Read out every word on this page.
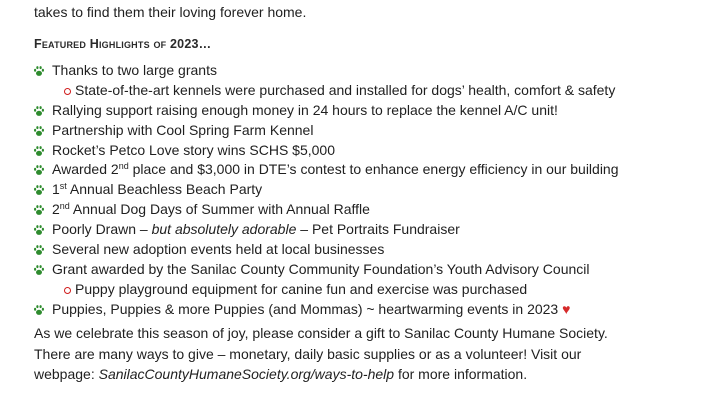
takes to find them their loving forever home.
Featured Highlights of 2023…
Thanks to two large grants
State-of-the-art kennels were purchased and installed for dogs’ health, comfort & safety
Rallying support raising enough money in 24 hours to replace the kennel A/C unit!
Partnership with Cool Spring Farm Kennel
Rocket’s Petco Love story wins SCHS $5,000
Awarded 2nd place and $3,000 in DTE’s contest to enhance energy efficiency in our building
1st Annual Beachless Beach Party
2nd Annual Dog Days of Summer with Annual Raffle
Poorly Drawn – but absolutely adorable – Pet Portraits Fundraiser
Several new adoption events held at local businesses
Grant awarded by the Sanilac County Community Foundation’s Youth Advisory Council
Puppy playground equipment for canine fun and exercise was purchased
Puppies, Puppies & more Puppies (and Mommas) ~ heartwarming events in 2023 ♥

As we celebrate this season of joy, please consider a gift to Sanilac County Humane Society.

There are many ways to give – monetary, daily basic supplies or as a volunteer! Visit our

webpage: SanilacCountyHumaneSociety.org/ways-to-help for more information.
